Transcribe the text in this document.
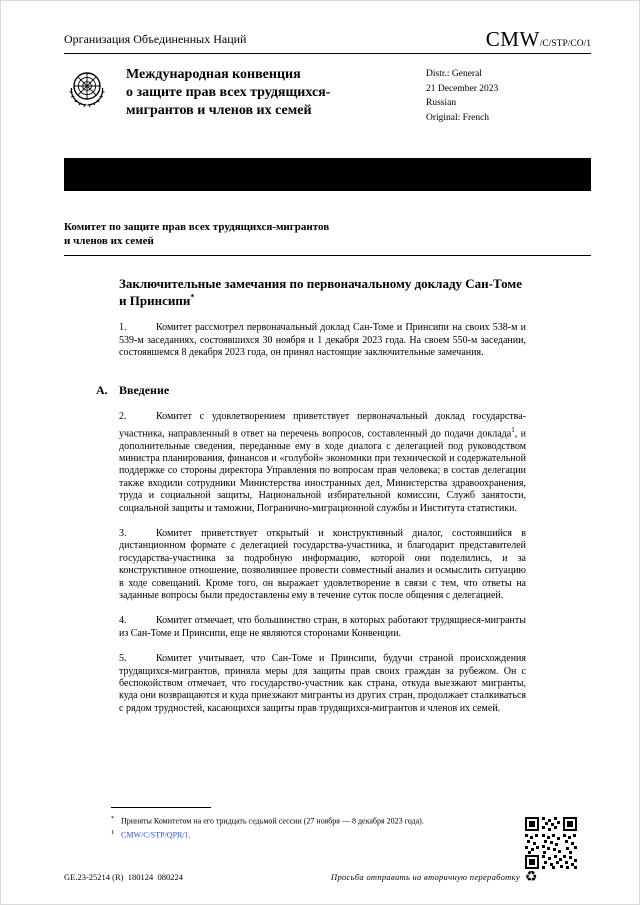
Организация Объединенных Наций	CMW/C/STP/CO/1
Международная конвенция
о защите прав всех трудящихся-
мигрантов и членов их семей
Distr.: General
21 December 2023
Russian
Original: French
Комитет по защите прав всех трудящихся-мигрантов
и членов их семей
Заключительные замечания по первоначальному докладу Сан-Томе и Принсипи*

1.	Комитет рассмотрел первоначальный доклад Сан-Томе и Принсипи на своих 538-м и 539-м заседаниях, состоявшихся 30 ноября и 1 декабря 2023 года. На своем 550-м заседании, состоявшемся 8 декабря 2023 года, он принял настоящие заключительные замечания.

A. Введение

2.	Комитет с удовлетворением приветствует первоначальный доклад государства-участника, направленный в ответ на перечень вопросов, составленный до подачи доклада$^1$, и дополнительные сведения, переданные ему в ходе диалога с делегацией под руководством министра планирования, финансов и «голубой» экономики при технической и содержательной поддержке со стороны директора Управления по вопросам прав человека; в состав делегации также входили сотрудники Министерства иностранных дел, Министерства здравоохранения, труда и социальной защиты, Национальной избирательной комиссии, Служб занятости, социальной защиты и таможни, Погранично-миграционной службы и Института статистики.

3.	Комитет приветствует открытый и конструктивный диалог, состоявшийся в дистанционном формате с делегацией государства-участника, и благодарит представителей государства-участника за подробную информацию, которой они поделились, и за конструктивное отношение, позволившее провести совместный анализ и осмыслить ситуацию в ходе совещаний. Кроме того, он выражает удовлетворение в связи с тем, что ответы на заданные вопросы были предоставлены ему в течение суток после общения с делегацией.

4.	Комитет отмечает, что большинство стран, в которых работают трудящиеся-мигранты из Сан-Томе и Принсипи, еще не являются сторонами Конвенции.

5.	Комитет учитывает, что Сан-Томе и Принсипи, будучи страной происхождения трудящихся-мигрантов, приняла меры для защиты прав своих граждан за рубежом. Он с беспокойством отмечает, что государство-участник как страна, откуда выезжают мигранты, куда они возвращаются и куда приезжают мигранты из других стран, продолжает сталкиваться с рядом трудностей, касающихся защиты прав трудящихся-мигрантов и членов их семей.

* Приняты Комитетом на его тридцать седьмой сессии (27 ноября — 8 декабря 2023 года).
$^1$ CMW/C/STP/QPR/1.
GE.23-25214 (R)  180124  080224	Просьба отправить на вторичную переработку ♻
